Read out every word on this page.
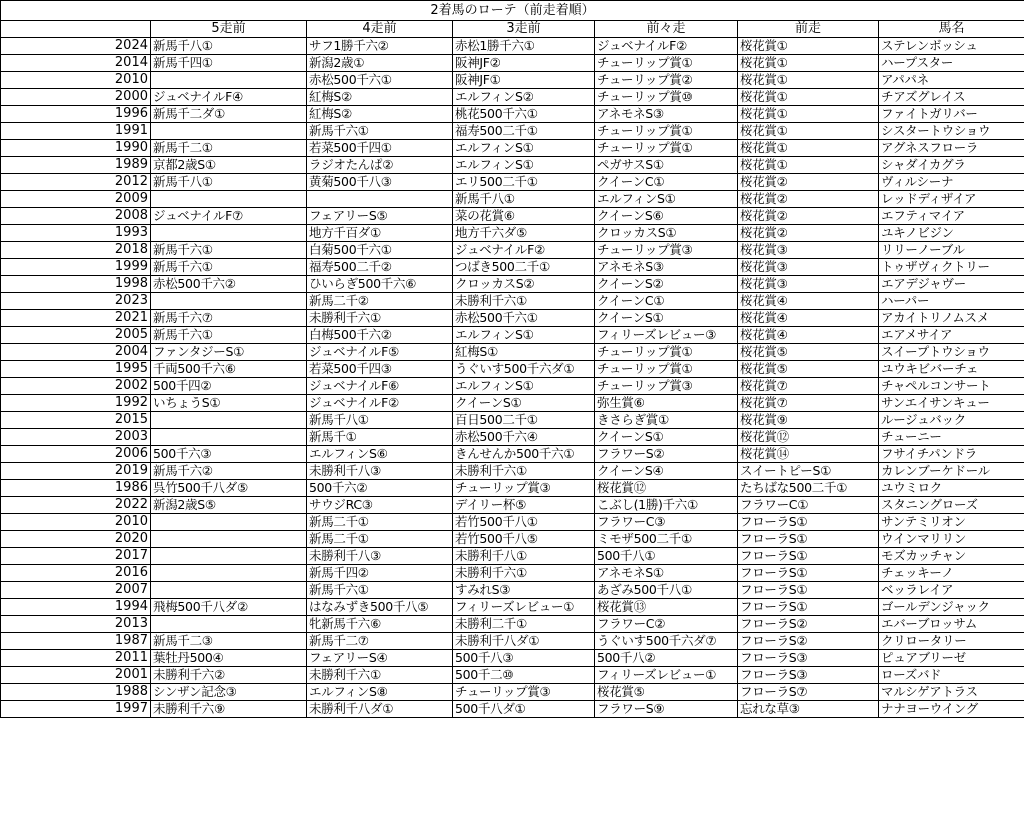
2着馬のローテ（前走着順）
	5走前	4走前	3走前	前々走	前走	馬名
2024	新馬千八①	サフ1勝千六②	赤松1勝千六①	ジュベナイルF②	桜花賞①	ステレンボッシュ
2014	新馬千四①	新潟2歳①	阪神JF②	チューリップ賞①	桜花賞①	ハープスター
2010		赤松500千六①	阪神JF①	チューリップ賞②	桜花賞①	アパパネ
2000	ジュベナイルF④	紅梅S②	エルフィンS②	チューリップ賞⑩	桜花賞①	チアズグレイス
1996	新馬千二ダ①	紅梅S②	桃花500千六①	アネモネS③	桜花賞①	ファイトガリバー
1991		新馬千六①	福寿500二千①	チューリップ賞①	桜花賞①	シスタートウショウ
1990	新馬千二①	若菜500千四①	エルフィンS①	チューリップ賞①	桜花賞①	アグネスフローラ
1989	京都2歳S①	ラジオたんぱ②	エルフィンS①	ペガサスS①	桜花賞①	シャダイカグラ
2012	新馬千八①	黄菊500千八③	エリ500二千①	クイーンC①	桜花賞②	ヴィルシーナ
2009			新馬千八①	エルフィンS①	桜花賞②	レッドディザイア
2008	ジュベナイルF⑦	フェアリーS⑤	菜の花賞⑥	クイーンS⑥	桜花賞②	エフティマイア
1993		地方千百ダ①	地方千六ダ⑤	クロッカスS①	桜花賞②	ユキノビジン
2018	新馬千六①	白菊500千六①	ジュベナイルF②	チューリップ賞③	桜花賞③	リリーノーブル
1999	新馬千六①	福寿500二千②	つばき500二千①	アネモネS③	桜花賞③	トゥザヴィクトリー
1998	赤松500千六②	ひいらぎ500千六⑥	クロッカスS②	クイーンS②	桜花賞③	エアデジャヴー
2023		新馬二千②	未勝利千六①	クイーンC①	桜花賞④	ハーパー
2021	新馬千六⑦	未勝利千六①	赤松500千六①	クイーンS①	桜花賞④	アカイトリノムスメ
2005	新馬千六①	白梅500千六②	エルフィンS①	フィリーズレビュー③	桜花賞④	エアメサイア
2004	ファンタジーS①	ジュベナイルF⑤	紅梅S①	チューリップ賞①	桜花賞⑤	スイープトウショウ
1995	千両500千六⑥	若菜500千四③	うぐいす500千六ダ①	チューリップ賞①	桜花賞⑤	ユウキビバーチェ
2002	500千四②	ジュベナイルF⑥	エルフィンS①	チューリップ賞③	桜花賞⑦	チャペルコンサート
1992	いちょうS①	ジュベナイルF②	クイーンS①	弥生賞⑥	桜花賞⑦	サンエイサンキュー
2015		新馬千八①	百日500二千①	きさらぎ賞①	桜花賞⑨	ルージュバック
2003		新馬千①	赤松500千六④	クイーンS①	桜花賞⑫	チューニー
2006	500千六③	エルフィンS⑥	きんせんか500千六①	フラワーS②	桜花賞⑭	フサイチパンドラ
2019	新馬千六②	未勝利千八③	未勝利千六①	クイーンS④	スイートピーS①	カレンブーケドール
1986	呉竹500千八ダ⑤	500千六②	チューリップ賞③	桜花賞⑫	たちばな500二千①	ユウミロク
2022	新潟2歳S⑤	サウジRC③	デイリー杯⑤	こぶし(1勝)千六①	フラワーC①	スタニングローズ
2010		新馬二千①	若竹500千八①	フラワーC③	フローラS①	サンテミリオン
2020		新馬二千①	若竹500千八⑤	ミモザ500二千①	フローラS①	ウインマリリン
2017		未勝利千八③	未勝利千八①	500千八①	フローラS①	モズカッチャン
2016		新馬千四②	未勝利千六①	アネモネS①	フローラS①	チェッキーノ
2007		新馬千六①	すみれS③	あざみ500千八①	フローラS①	ベッラレイア
1994	飛梅500千八ダ②	はなみずき500千八⑤	フィリーズレビュー①	桜花賞⑬	フローラS①	ゴールデンジャック
2013		牝新馬千六⑥	未勝利二千①	フラワーC②	フローラS②	エバーブロッサム
1987	新馬千二③	新馬千二⑦	未勝利千八ダ①	うぐいす500千六ダ⑦	フローラS②	クリロータリー
2011	葉牡丹500④	フェアリーS④	500千八③	500千八②	フローラS③	ピュアブリーゼ
2001	未勝利千六②	未勝利千六①	500千二⑩	フィリーズレビュー①	フローラS③	ローズバド
1988	シンザン記念③	エルフィンS⑧	チューリップ賞③	桜花賞⑤	フローラS⑦	マルシゲアトラス
1997	未勝利千六⑨	未勝利千八ダ①	500千八ダ①	フラワーS⑨	忘れな草③	ナナヨーウイング
